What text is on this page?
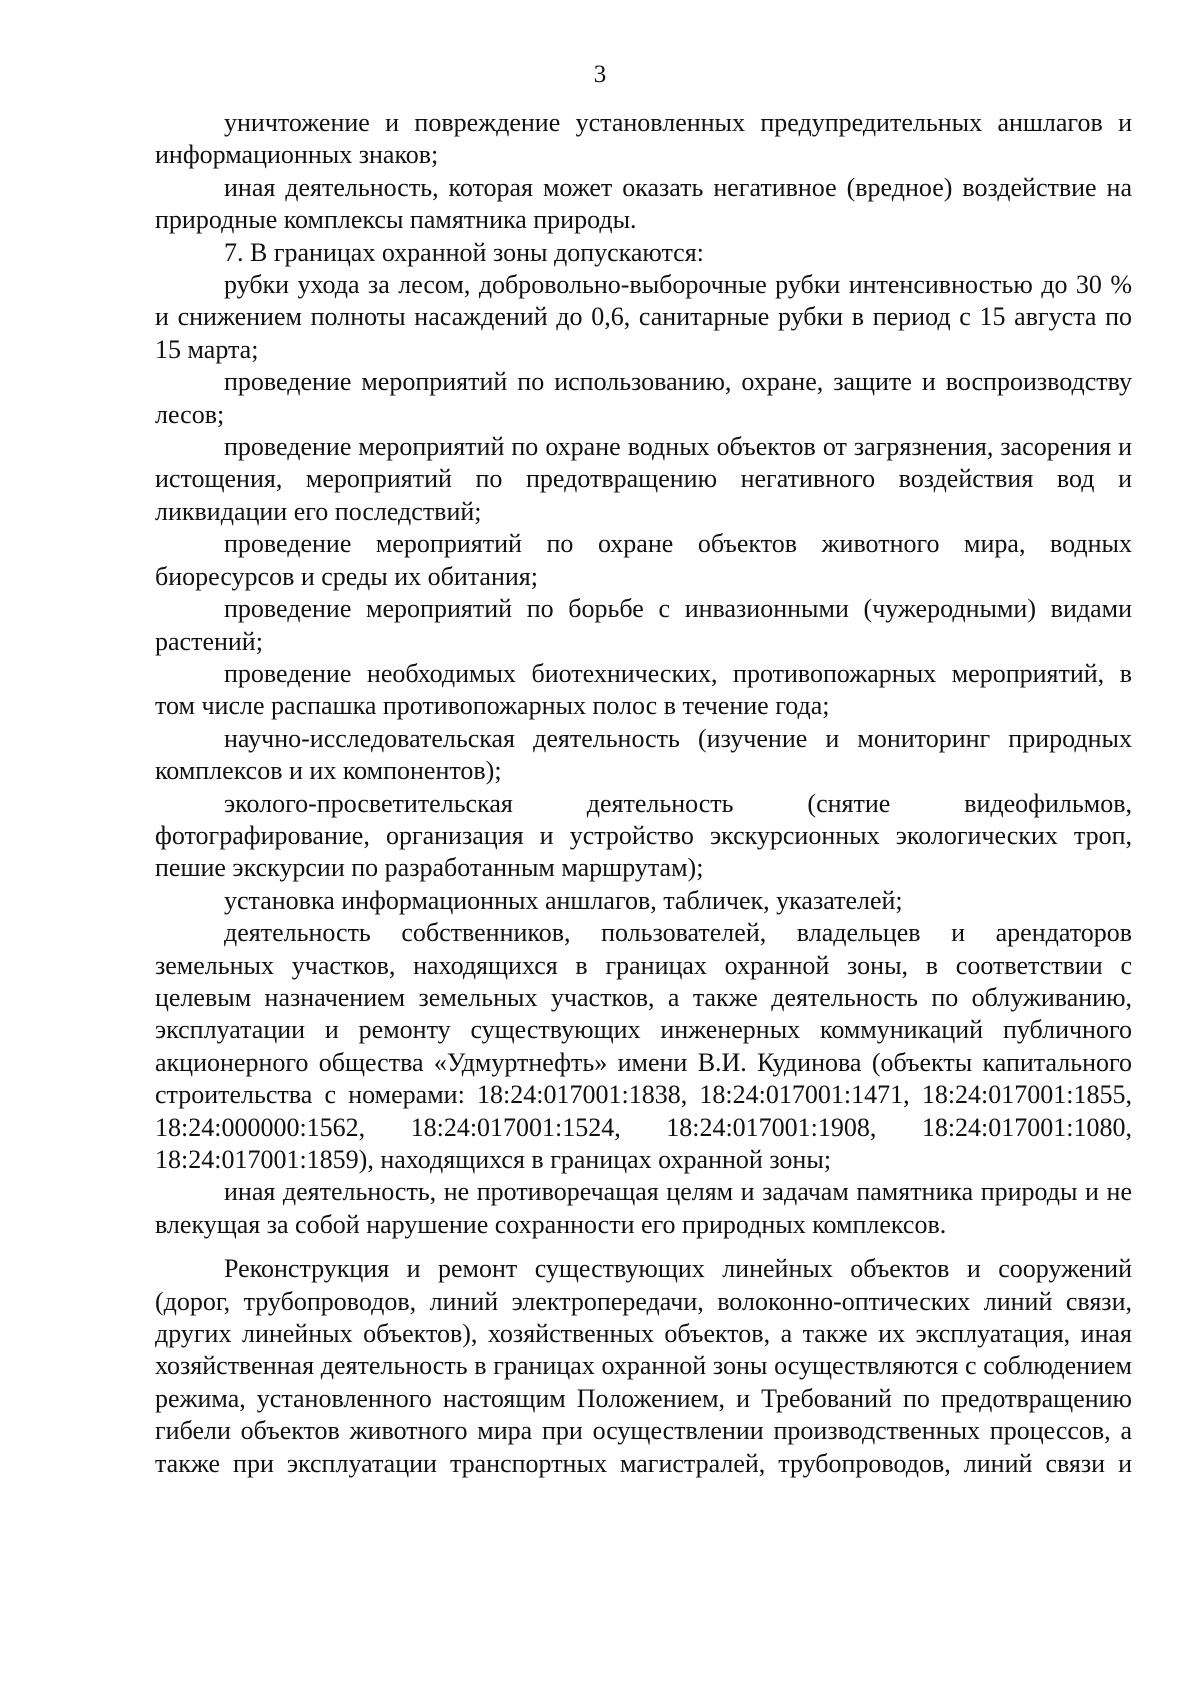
3

уничтожение и повреждение установленных предупредительных аншлагов и информационных знаков;

иная деятельность, которая может оказать негативное (вредное) воздействие на природные комплексы памятника природы.

7. В границах охранной зоны допускаются:

рубки ухода за лесом, добровольно-выборочные рубки интенсивностью до 30 % и снижением полноты насаждений до 0,6, санитарные рубки в период с 15 августа по 15 марта;

проведение мероприятий по использованию, охране, защите и воспроизводству лесов;

проведение мероприятий по охране водных объектов от загрязнения, засорения и истощения, мероприятий по предотвращению негативного воздействия вод и ликвидации его последствий;

проведение мероприятий по охране объектов животного мира, водных биоресурсов и среды их обитания;

проведение мероприятий по борьбе с инвазионными (чужеродными) видами растений;

проведение необходимых биотехнических, противопожарных мероприятий, в том числе распашка противопожарных полос в течение года;

научно-исследовательская деятельность (изучение и мониторинг природных комплексов и их компонентов);

эколого-просветительская деятельность (снятие видеофильмов, фотографирование, организация и устройство экскурсионных экологических троп, пешие экскурсии по разработанным маршрутам);

установка информационных аншлагов, табличек, указателей;

деятельность собственников, пользователей, владельцев и арендаторов земельных участков, находящихся в границах охранной зоны, в соответствии с целевым назначением земельных участков, а также деятельность по облуживанию, эксплуатации и ремонту существующих инженерных коммуникаций публичного акционерного общества «Удмуртнефть» имени В.И. Кудинова (объекты капитального строительства с номерами: 18:24:017001:1838, 18:24:017001:1471, 18:24:017001:1855, 18:24:000000:1562, 18:24:017001:1524, 18:24:017001:1908, 18:24:017001:1080, 18:24:017001:1859), находящихся в границах охранной зоны;

иная деятельность, не противоречащая целям и задачам памятника природы и не влекущая за собой нарушение сохранности его природных комплексов.

Реконструкция и ремонт существующих линейных объектов и сооружений (дорог, трубопроводов, линий электропередачи, волоконно-оптических линий связи, других линейных объектов), хозяйственных объектов, а также их эксплуатация, иная хозяйственная деятельность в границах охранной зоны осуществляются с соблюдением режима, установленного настоящим Положением, и Требований по предотвращению гибели объектов животного мира при осуществлении производственных процессов, а также при эксплуатации транспортных магистралей, трубопроводов, линий связи и
